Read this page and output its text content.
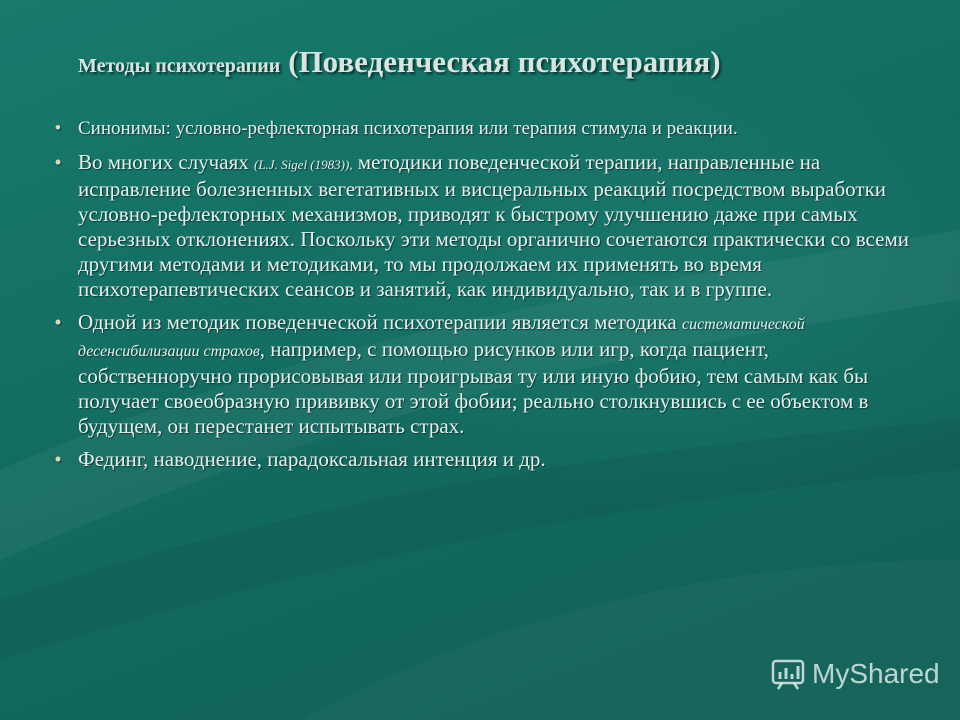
Методы психотерапии (Поведенческая психотерапия)
• Синонимы: условно-рефлекторная психотерапия или терапия стимула и реакции.
• Во многих случаях (L.J. Sigel (1983)), методики поведенческой терапии, направленные на исправление болезненных вегетативных и висцеральных реакций посредством выработки условно-рефлекторных механизмов, приводят к быстрому улучшению даже при самых серьезных отклонениях. Поскольку эти методы органично сочетаются практически со всеми другими методами и методиками, то мы продолжаем их применять во время психотерапевтических сеансов и занятий, как индивидуально, так и в группе.
• Одной из методик поведенческой психотерапии является методика систематической десенсибилизации страхов, например, с помощью рисунков или игр, когда пациент, собственноручно прорисовывая или проигрывая ту или иную фобию, тем самым как бы получает своеобразную прививку от этой фобии; реально столкнувшись с ее объектом в будущем, он перестанет испытывать страх.
• Фединг, наводнение, парадоксальная интенция и др.
MyShared
